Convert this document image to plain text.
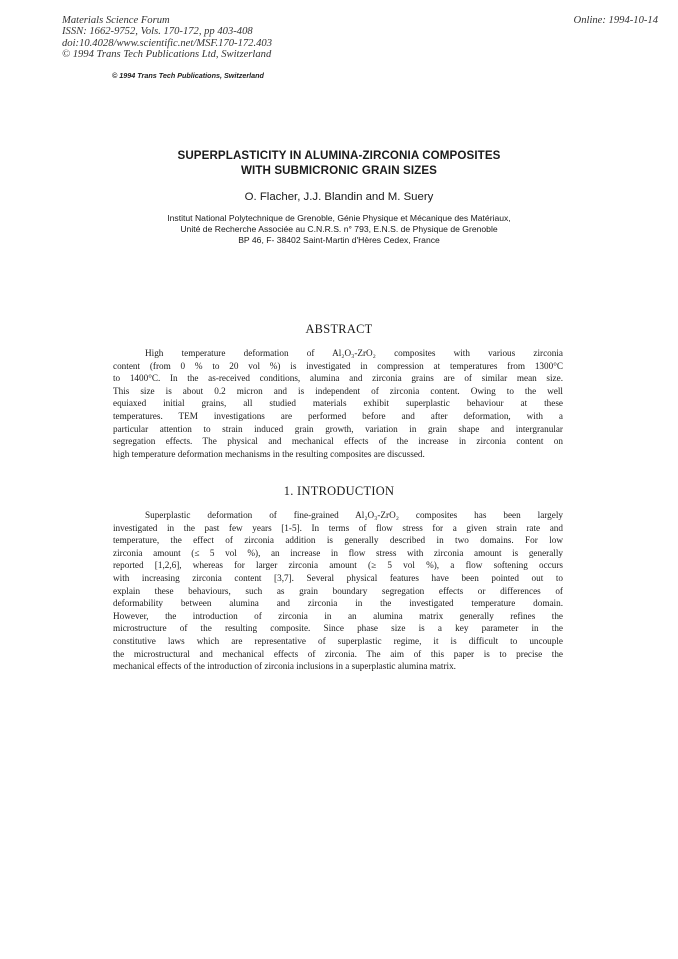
Materials Science Forum
ISSN: 1662-9752, Vols. 170-172, pp 403-408
doi:10.4028/www.scientific.net/MSF.170-172.403
© 1994 Trans Tech Publications Ltd, Switzerland
Online: 1994-10-14
© 1994 Trans Tech Publications, Switzerland
SUPERPLASTICITY IN ALUMINA-ZIRCONIA COMPOSITES
WITH SUBMICRONIC GRAIN SIZES
O. Flacher, J.J. Blandin and M. Suery
Institut National Polytechnique de Grenoble, Génie Physique et Mécanique des Matériaux,
Unité de Recherche Associée au C.N.R.S. n° 793, E.N.S. de Physique de Grenoble
BP 46, F- 38402 Saint-Martin d'Hères Cedex, France
ABSTRACT
High temperature deformation of Al₂O₃-ZrO₂ composites with various zirconia
content (from 0 % to 20 vol %) is investigated in compression at temperatures from 1300°C
to 1400°C. In the as-received conditions, alumina and zirconia grains are of similar mean size.
This size is about 0.2 micron and is independent of zirconia content. Owing to the well
equiaxed initial grains, all studied materials exhibit superplastic behaviour at these
temperatures. TEM investigations are performed before and after deformation, with a
particular attention to strain induced grain growth, variation in grain shape and intergranular
segregation effects. The physical and mechanical effects of the increase in zirconia content on
high temperature deformation mechanisms in the resulting composites are discussed.
1. INTRODUCTION
Superplastic deformation of fine-grained Al₂O₃-ZrO₂ composites has been largely
investigated in the past few years [1-5]. In terms of flow stress for a given strain rate and
temperature, the effect of zirconia addition is generally described in two domains. For low
zirconia amount (≤ 5 vol %), an increase in flow stress with zirconia amount is generally
reported [1,2,6], whereas for larger zirconia amount (≥ 5 vol %), a flow softening occurs
with increasing zirconia content [3,7]. Several physical features have been pointed out to
explain these behaviours, such as grain boundary segregation effects or differences of
deformability between alumina and zirconia in the investigated temperature domain.
However, the introduction of zirconia in an alumina matrix generally refines the
microstructure of the resulting composite. Since phase size is a key parameter in the
constitutive laws which are representative of superplastic regime, it is difficult to uncouple
the microstructural and mechanical effects of zirconia. The aim of this paper is to precise the
mechanical effects of the introduction of zirconia inclusions in a superplastic alumina matrix.
